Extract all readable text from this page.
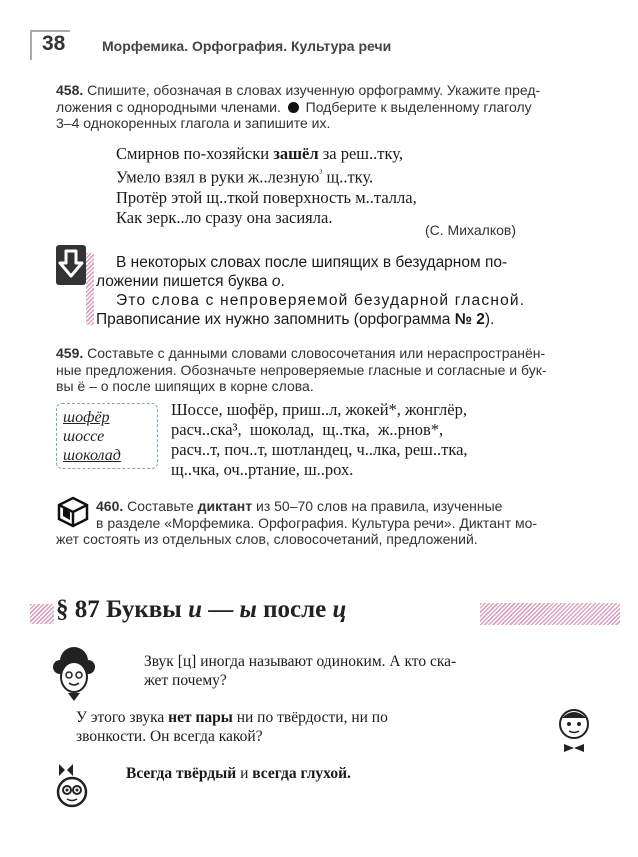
38	Морфемика. Орфография. Культура речи
458. Спишите, обозначая в словах изученную орфограмму. Укажите пред-
ложения с однородными членами. Подберите к выделенному глаголу
3–4 однокоренных глагола и запишите их.
Смирнов по-хозяйски зашёл за реш..тку,
Умело взял в руки ж..лезную$^{^3}$ щ..тку.
Протёр этой щ..ткой поверхность м..талла,
Как зерк..ло сразу она засияла.
(С. Михалков)
В некоторых словах после шипящих в безударном по-
ложении пишется буква о.
Это слова с непроверяемой безударной гласной.
Правописание их нужно запомнить (орфограмма № 2).
459. Составьте с данными словами словосочетания или нераспространён-
ные предложения. Обозначьте непроверяемые гласные и согласные и бук-
вы ё – о после шипящих в корне слова.
шофёр
шоссе
шоколад
Шоссе, шофёр, приш..л, жокей*, жонглёр,
расч..ска³,  шоколад,  щ..тка,  ж..рнов*,
расч..т, поч..т, шотландец, ч..лка, реш..тка,
щ..чка, оч..ртание, ш..рох.
460. Составьте диктант из 50–70 слов на правила, изученные
в разделе «Морфемика. Орфография. Культура речи». Диктант мо-
жет состоять из отдельных слов, словосочетаний, предложений.
§ 87 Буквы и — ы после ц
Звук [ц] иногда называют одиноким. А кто ска-
жет почему?
У этого звука нет пары ни по твёрдости, ни по
звонкости. Он всегда какой?
Всегда твёрдый и всегда глухой.
